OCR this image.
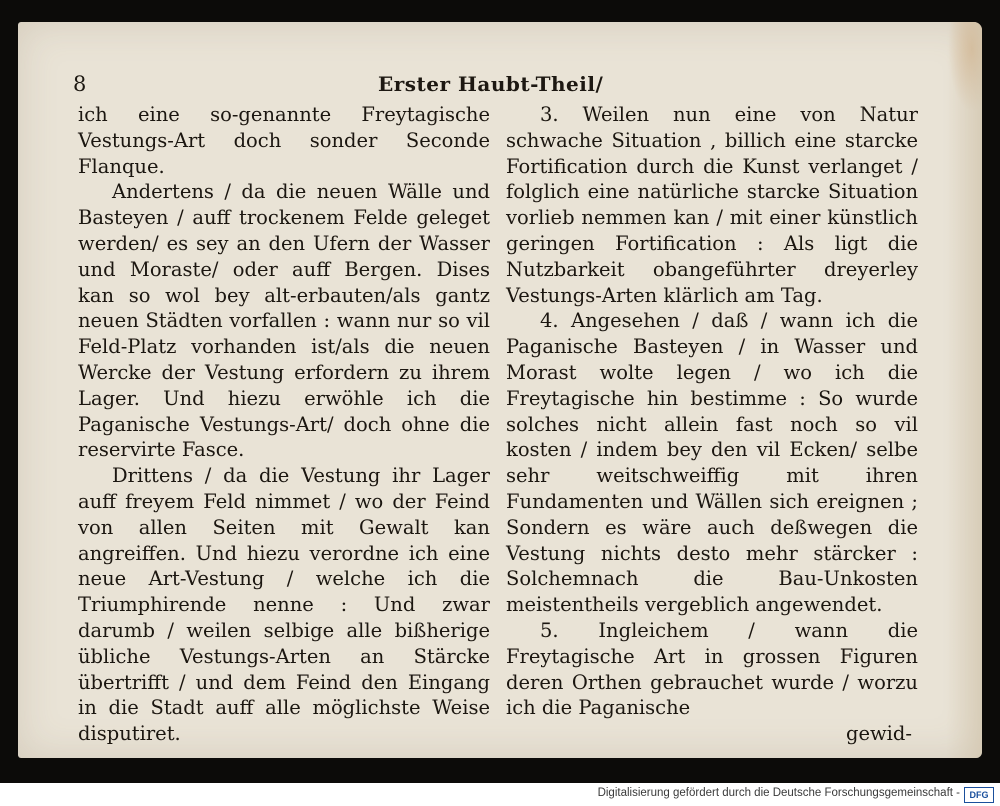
8	Erster Haubt-Theil/

ich eine so-genannte Freytagische Vestungs-Art doch sonder Seconde Flanque.

Andertens / da die neuen Wälle und Basteyen / auff trockenem Felde geleget werden/ es sey an den Ufern der Wasser und Moraste/ oder auff Bergen. Dises kan so wol bey alt-erbauten/als gantz neuen Städten vorfallen : wann nur so vil Feld-Platz vorhanden ist/als die neuen Wercke der Vestung erfordern zu ihrem Lager. Und hiezu erwöhle ich die Paganische Vestungs-Art/ doch ohne die reservirte Fasce.

Drittens / da die Vestung ihr Lager auff freyem Feld nimmet / wo der Feind von allen Seiten mit Gewalt kan angreiffen. Und hiezu verordne ich eine neue Art-Vestung / welche ich die Triumphirende nenne : Und zwar darumb / weilen selbige alle bißherige übliche Vestungs-Arten an Stärcke übertrifft / und dem Feind den Eingang in die Stadt auff alle möglichste Weise disputiret.

3. Weilen nun eine von Natur schwache Situation , billich eine starcke Fortification durch die Kunst verlanget / folglich eine natürliche starcke Situation vorlieb nemmen kan / mit einer künstlich geringen Fortification : Als ligt die Nutzbarkeit obangeführter dreyerley Vestungs-Arten klärlich am Tag.

4. Angesehen / daß / wann ich die Paganische Basteyen / in Wasser und Morast wolte legen / wo ich die Freytagische hin bestimme : So wurde solches nicht allein fast noch so vil kosten / indem bey den vil Ecken/ selbe sehr weitschweiffig mit ihren Fundamenten und Wällen sich ereignen ; Sondern es wäre auch deßwegen die Vestung nichts desto mehr stärcker : Solchemnach die Bau-Unkosten meistentheils vergeblich angewendet.

5. Ingleichem / wann die Freytagische Art in grossen Figuren deren Orthen gebrauchet wurde / worzu ich die Paganische

gewid-
Digitalisierung gefördert durch die Deutsche Forschungsgemeinschaft -	DFG
